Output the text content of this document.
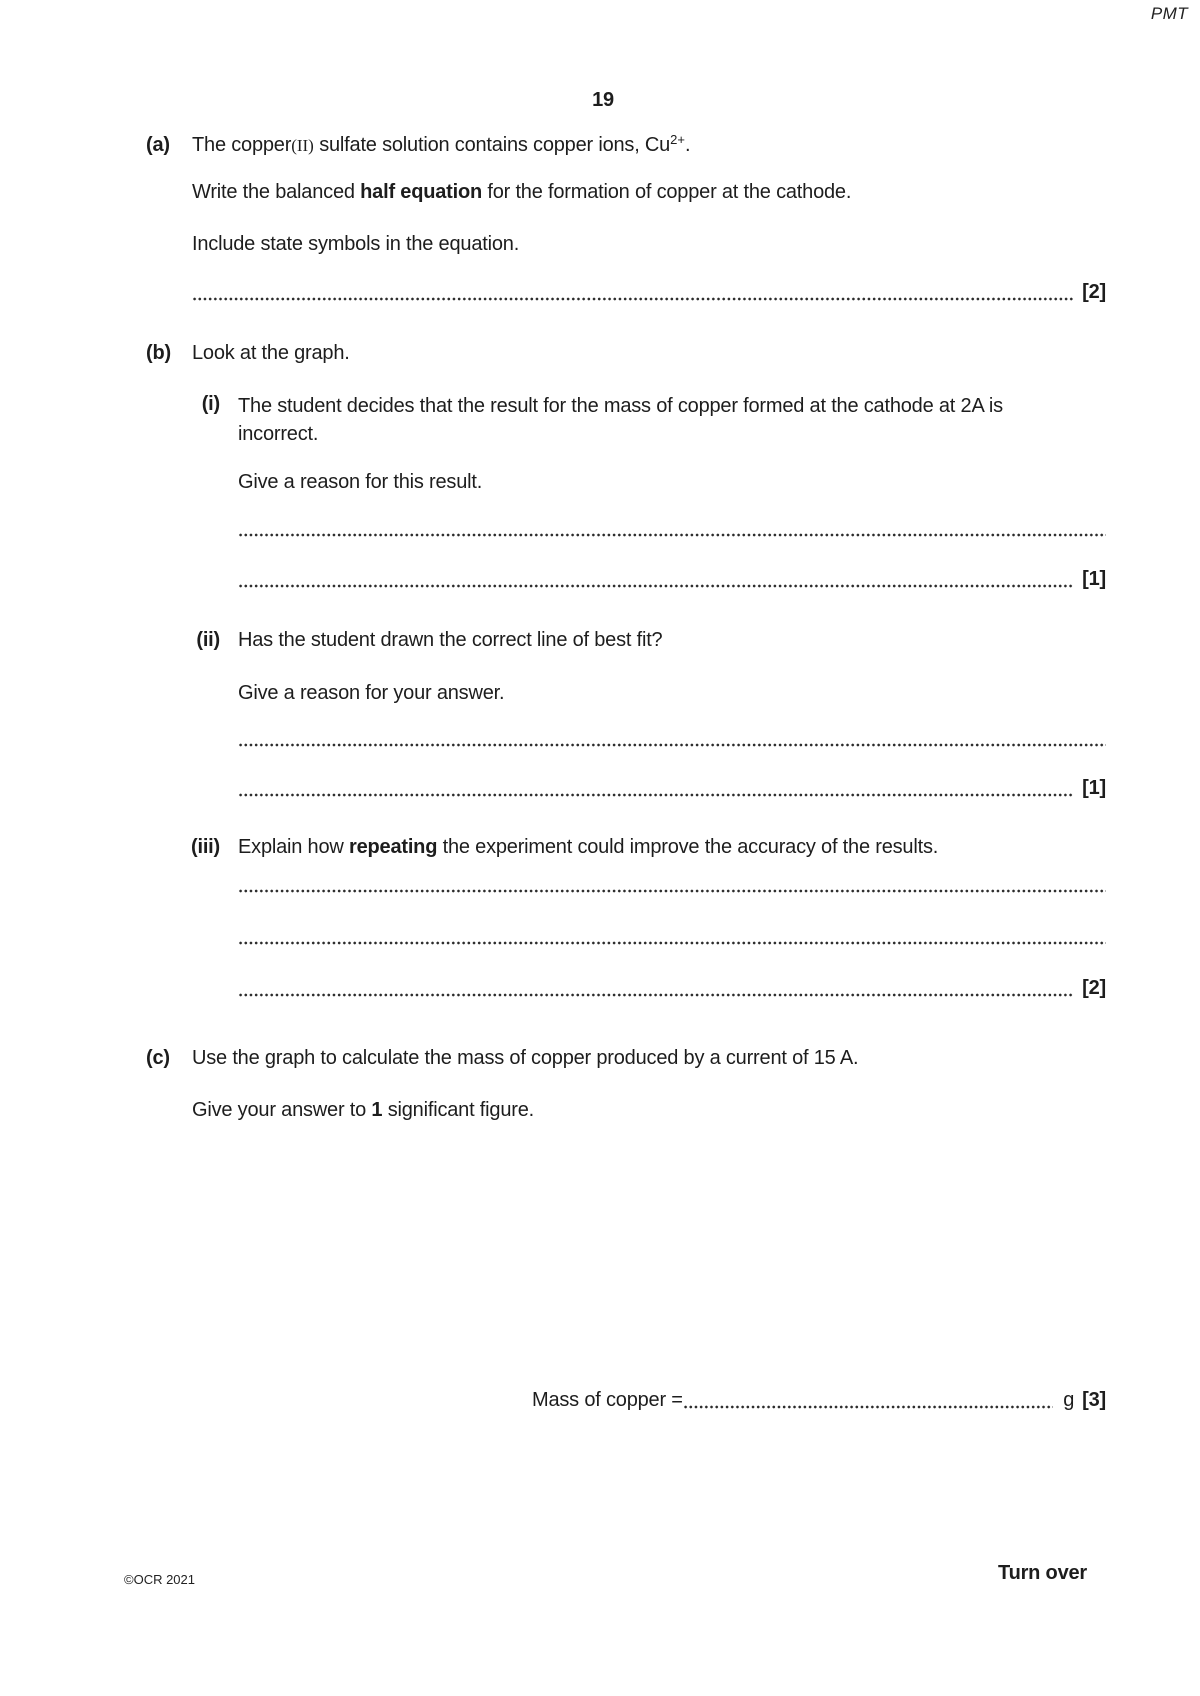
PMT
19
(a) The copper(II) sulfate solution contains copper ions, $Cu^{2+}$.
Write the balanced half equation for the formation of copper at the cathode.
Include state symbols in the equation.
[2]
(b) Look at the graph.
(i) The student decides that the result for the mass of copper formed at the cathode at 2A is
incorrect.
Give a reason for this result.
[1]
(ii) Has the student drawn the correct line of best fit?
Give a reason for your answer.
[1]
(iii) Explain how repeating the experiment could improve the accuracy of the results.
[2]
(c) Use the graph to calculate the mass of copper produced by a current of 15 A.
Give your answer to 1 significant figure.
Mass of copper =	g [3]
©OCR 2021	Turn over
